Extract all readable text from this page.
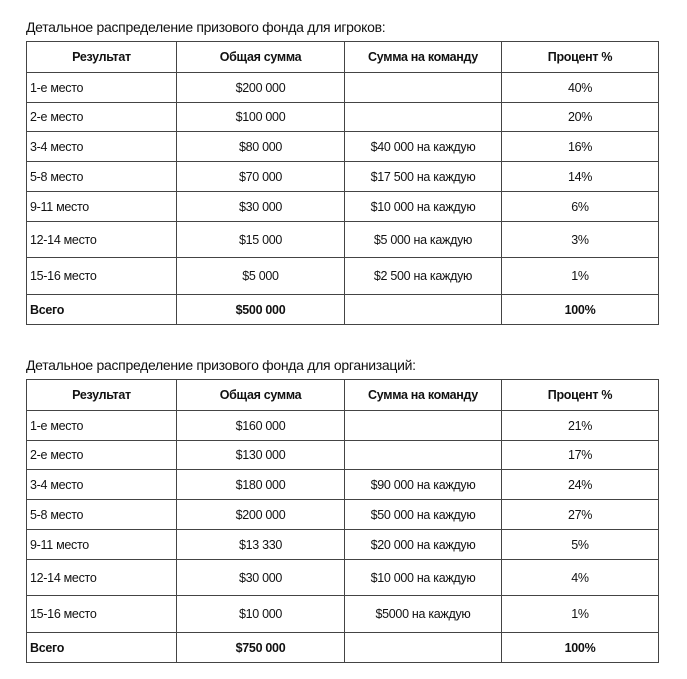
Детальное распределение призового фонда для игроков:
Результат	Общая сумма	Сумма на команду	Процент %
1-е место	$200 000		40%
2-е место	$100 000		20%
3-4 место	$80 000	$40 000 на каждую	16%
5-8 место	$70 000	$17 500 на каждую	14%
9-11 место	$30 000	$10 000 на каждую	6%
12-14 место	$15 000	$5 000 на каждую	3%
15-16 место	$5 000	$2 500 на каждую	1%
Всего	$500 000		100%
Детальное распределение призового фонда для организаций:
Результат	Общая сумма	Сумма на команду	Процент %
1-е место	$160 000		21%
2-е место	$130 000		17%
3-4 место	$180 000	$90 000 на каждую	24%
5-8 место	$200 000	$50 000 на каждую	27%
9-11 место	$13 330	$20 000 на каждую	5%
12-14 место	$30 000	$10 000 на каждую	4%
15-16 место	$10 000	$5000 на каждую	1%
Всего	$750 000		100%
